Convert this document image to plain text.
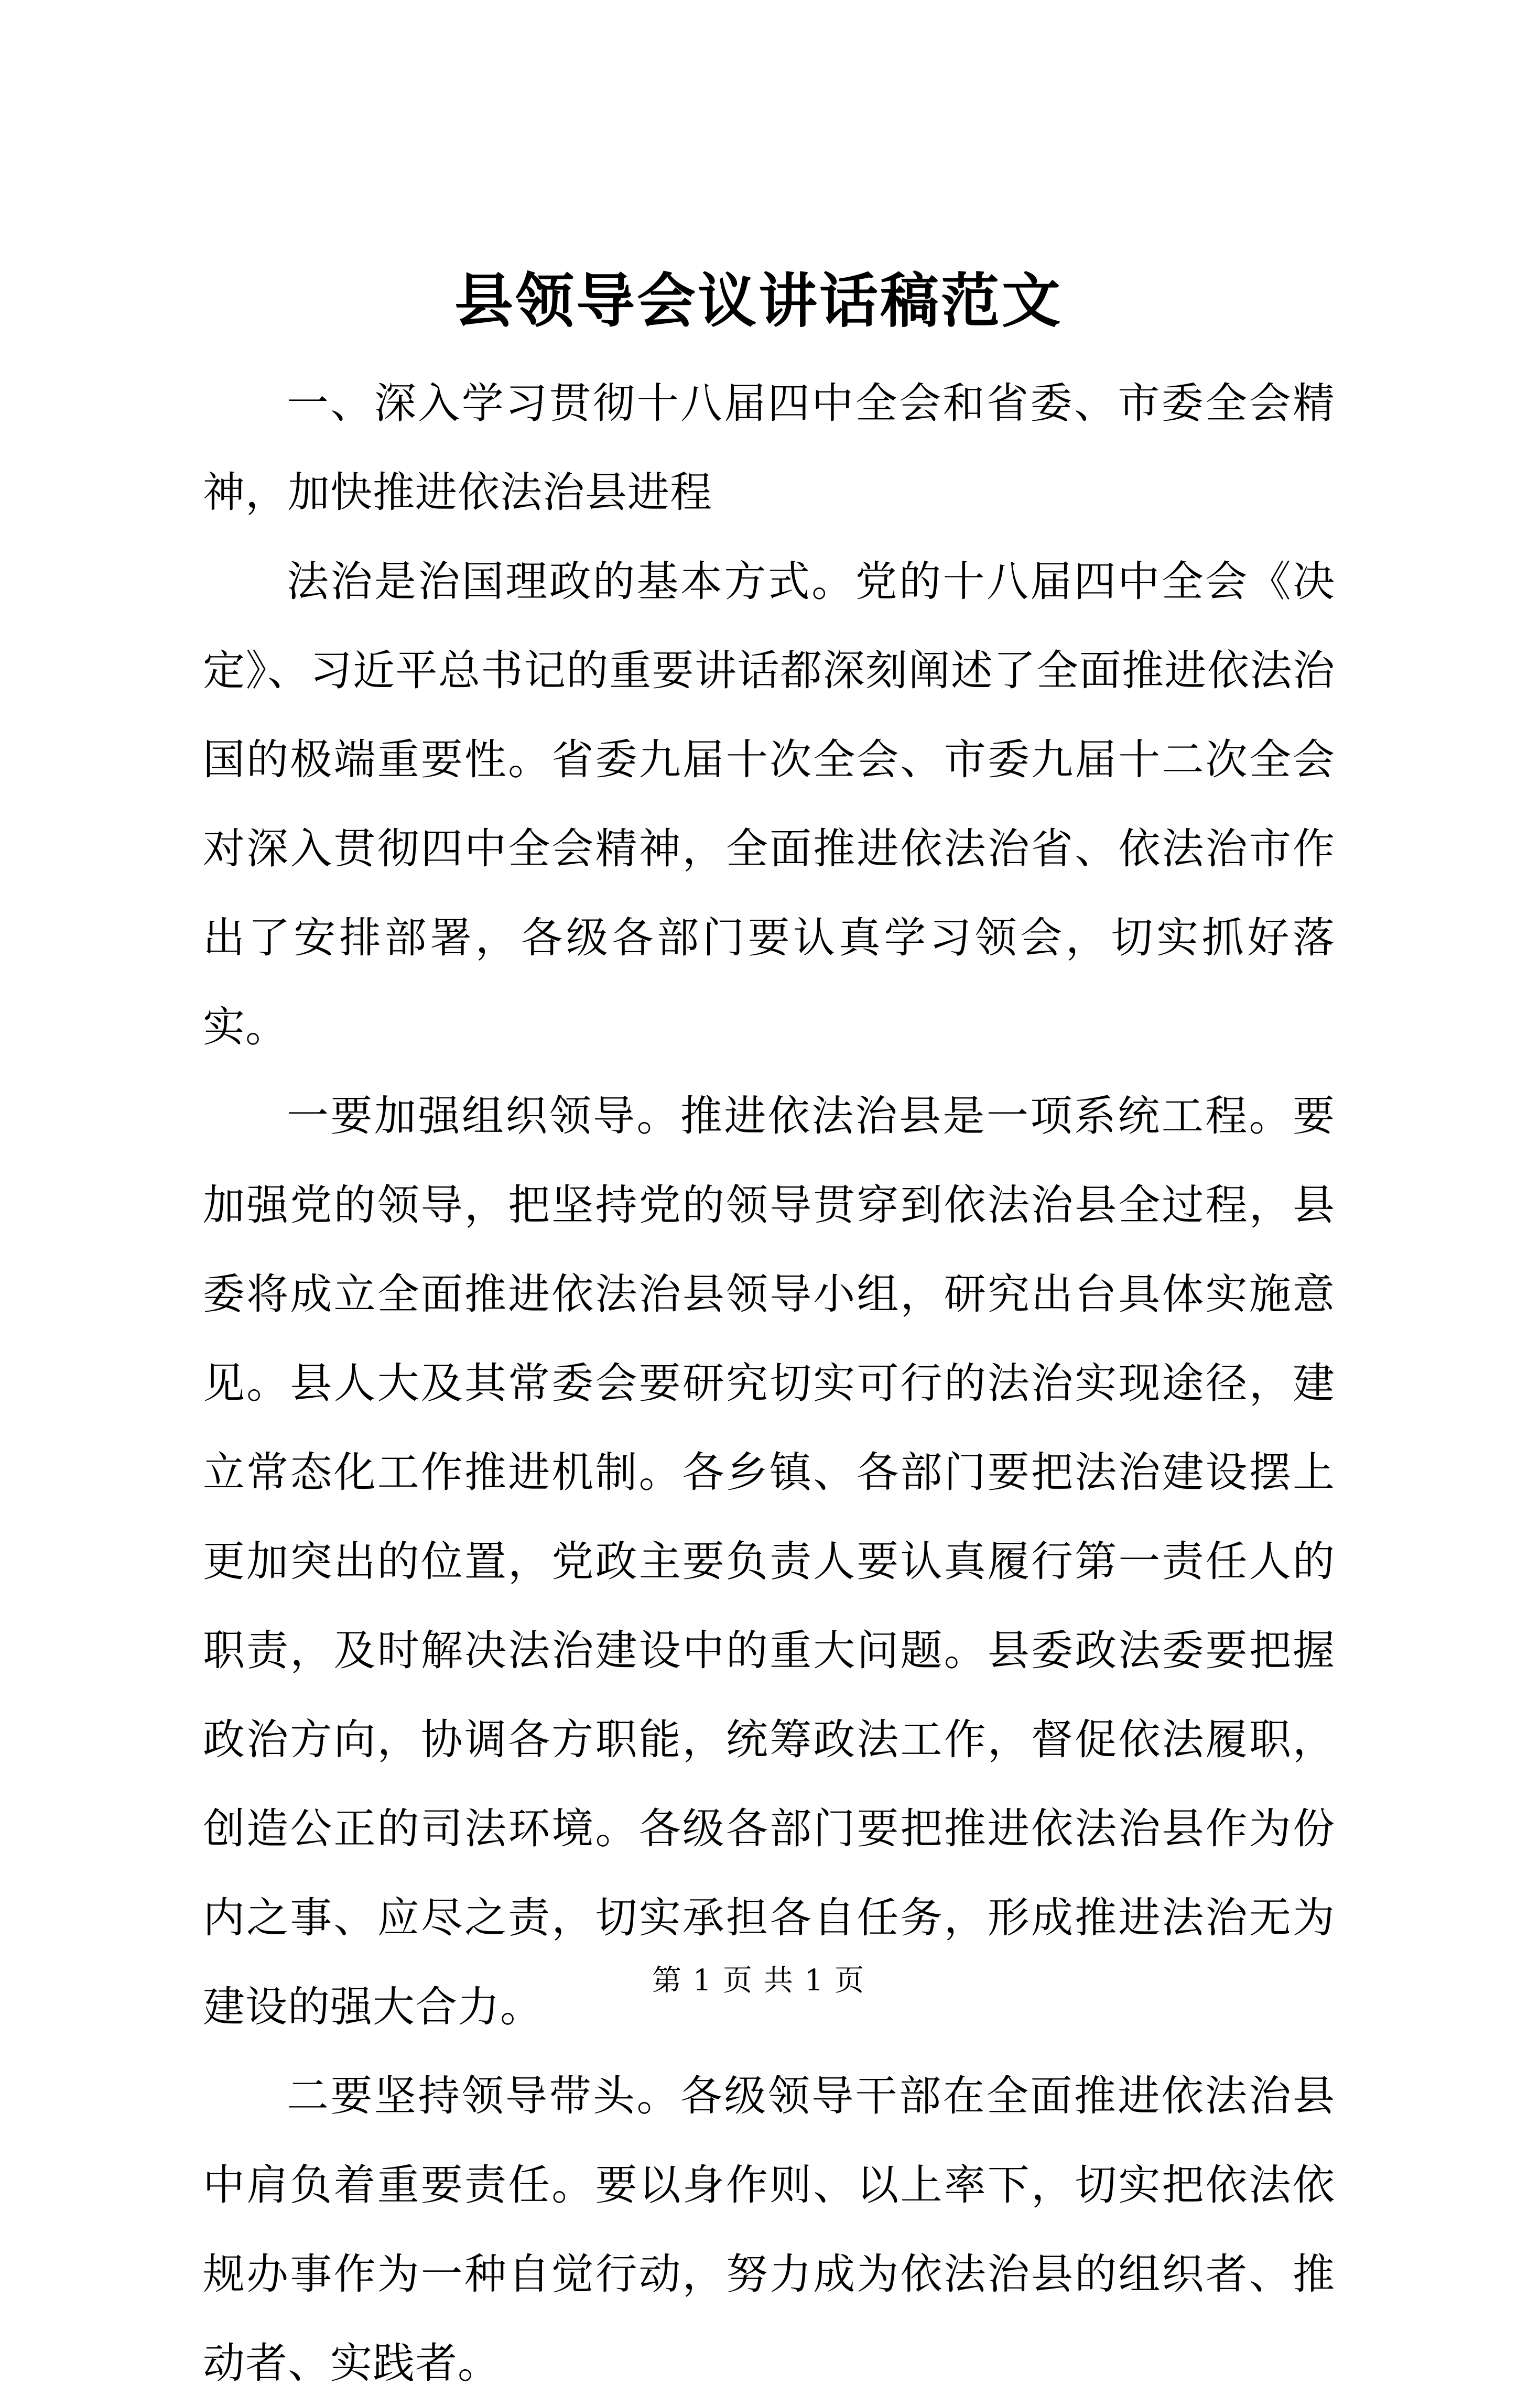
县领导会议讲话稿范文

一、深入学习贯彻十八届四中全会和省委、市委全会精神，加快推进依法治县进程

法治是治国理政的基本方式。党的十八届四中全会《决定》、习近平总书记的重要讲话都深刻阐述了全面推进依法治国的极端重要性。省委九届十次全会、市委九届十二次全会对深入贯彻四中全会精神，全面推进依法治省、依法治市作出了安排部署，各级各部门要认真学习领会，切实抓好落实。

一要加强组织领导。推进依法治县是一项系统工程。要加强党的领导，把坚持党的领导贯穿到依法治县全过程，县委将成立全面推进依法治县领导小组，研究出台具体实施意见。县人大及其常委会要研究切实可行的法治实现途径，建立常态化工作推进机制。各乡镇、各部门要把法治建设摆上更加突出的位置，党政主要负责人要认真履行第一责任人的职责，及时解决法治建设中的重大问题。县委政法委要把握政治方向，协调各方职能，统筹政法工作，督促依法履职，创造公正的司法环境。各级各部门要把推进依法治县作为份内之事、应尽之责，切实承担各自任务，形成推进法治无为建设的强大合力。

二要坚持领导带头。各级领导干部在全面推进依法治县中肩负着重要责任。要以身作则、以上率下，切实把依法依规办事作为一种自觉行动，努力成为依法治县的组织者、推动者、实践者。

第 1 页 共 1 页
